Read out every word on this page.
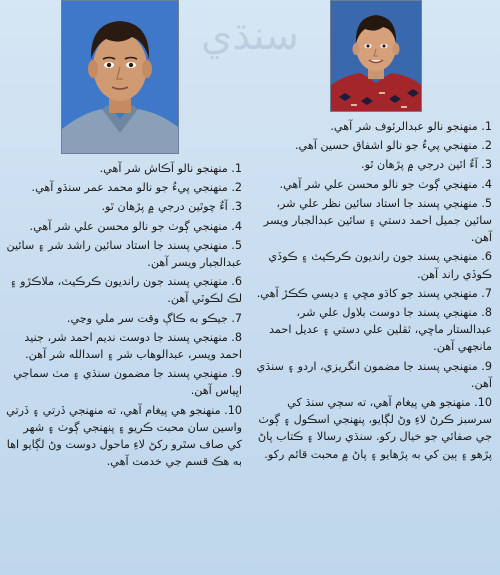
سنڌي

1. منهنجو نالو آڪاش شر آهي.

2. منهنجي پيءُ جو نالو محمد عمر سنڌو آهي.

3. آءٌ چوٿين درجي ۾ پڙهان ٿو.

4. منهنجي ڳوٺ جو نالو محسن علي شر آهي.

5. منهنجي پسند جا استاد سائين راشد شر ۽ سائين عبدالجبار ويسر آهن.

6. منهنجي پسند جون رانديون ڪرڪيٽ، ملاڪڙو ۽ لڪ لڪوٽي آهن.

7. جيڪو به ڪاڳ وقت سر ملي وڃي.

8. منهنجي پسند جا دوست نديم احمد شر، جنيد احمد ويسر، عبدالوهاب شر ۽ اسدالله شر آهن.

9. منهنجي پسند جا مضمون سنڌي ۽ مٺ سماجي اڀياس آهن.

10. منهنجو هي پيغام آهي، ته منهنجي ڏرتي ۽ ڏرتي واسين سان محبت ڪريو ۽ پنهنجي ڳوٺ ۽ شهر کي صاف سٿرو رکڻ لاءِ ماحول دوست وڻ لڳايو اها به هڪ قسم جي خدمت آهي.

1. منهنجو نالو عبدالرئوف شر آهي.

2. منهنجي پيءُ جو نالو اشفاق حسين آهي.

3. آءٌ ائين درجي ۾ پڙهان ٿو.

4. منهنجي ڳوٺ جو نالو محسن علي شر آهي.

5. منهنجي پسند جا استاد سائين نظر علي شر، سائين جميل احمد دستي ۽ سائين عبدالجبار ويسر آهن.

6. منهنجي پسند جون رانديون ڪرڪيٽ ۽ ڪوڏي ڪوڏي راند آهن.

7. منهنجي پسند جو کاڌو مڇي ۽ ديسي ڪڪڙ آهي.

8. منهنجي پسند جا دوست بلاول علي شر، عبدالستار ماڇي، ثقلين علي دستي ۽ عديل احمد مانجهي آهن.

9. منهنجي پسند جا مضمون انگريزي، اردو ۽ سنڌي آهن.

10. منهنجو هي پيغام آهي، ته سڄي سنڌ کي سرسبز ڪرڻ لاءِ وڻ لڳايو، پنهنجي اسڪول ۽ ڳوٺ جي صفائي جو خيال رکو. سنڌي رسالا ۽ ڪتاب پاڻ پڙهو ۽ ٻين کي به پڙهايو ۽ پاڻ ۾ محبت قائم رکو.
